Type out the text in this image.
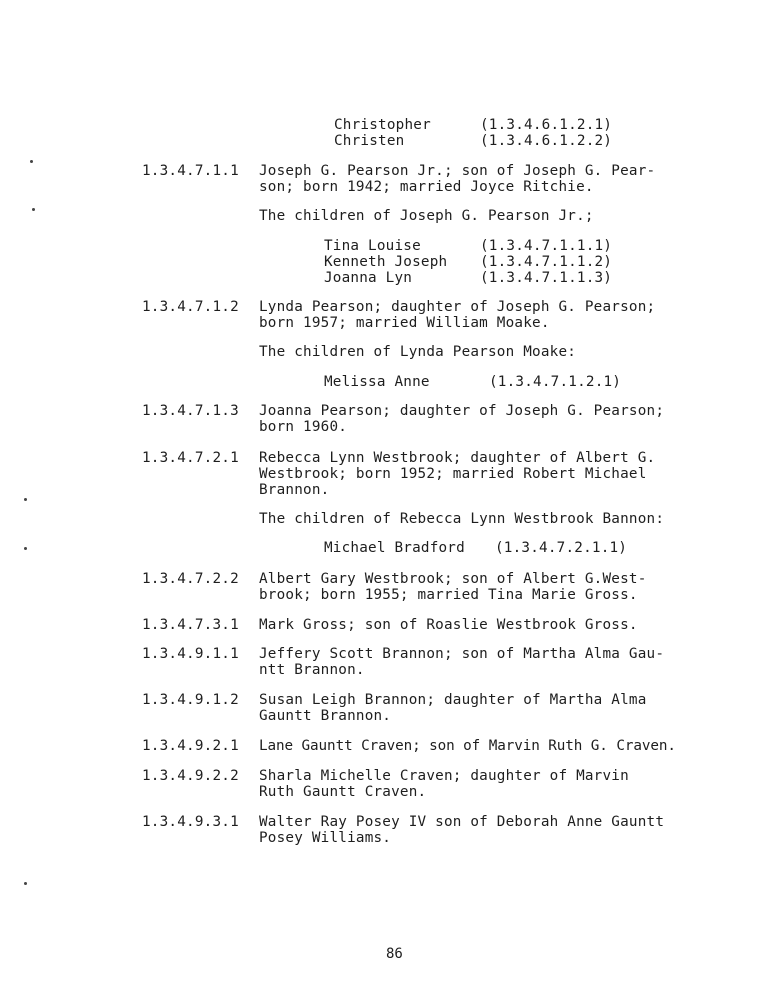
Christopher	(1.3.4.6.1.2.1)
Christen	(1.3.4.6.1.2.2)
1.3.4.7.1.1 Joseph G. Pearson Jr.; son of Joseph G. Pear-
son; born 1942; married Joyce Ritchie.
The children of Joseph G. Pearson Jr.;
Tina Louise	(1.3.4.7.1.1.1)
Kenneth Joseph (1.3.4.7.1.1.2)
Joanna Lyn	(1.3.4.7.1.1.3)
1.3.4.7.1.2 Lynda Pearson; daughter of Joseph G. Pearson;
born 1957; married William Moake.
The children of Lynda Pearson Moake:
Melissa Anne	(1.3.4.7.1.2.1)
1.3.4.7.1.3 Joanna Pearson; daughter of Joseph G. Pearson;
born 1960.
1.3.4.7.2.1 Rebecca Lynn Westbrook; daughter of Albert G.
Westbrook; born 1952; married Robert Michael
Brannon.
The children of Rebecca Lynn Westbrook Bannon:
Michael Bradford (1.3.4.7.2.1.1)
1.3.4.7.2.2 Albert Gary Westbrook; son of Albert G.West-
brook; born 1955; married Tina Marie Gross.
1.3.4.7.3.1 Mark Gross; son of Roaslie Westbrook Gross.
1.3.4.9.1.1 Jeffery Scott Brannon; son of Martha Alma Gau-
ntt Brannon.
1.3.4.9.1.2 Susan Leigh Brannon; daughter of Martha Alma
Gauntt Brannon.
1.3.4.9.2.1 Lane Gauntt Craven; son of Marvin Ruth G. Craven.
1.3.4.9.2.2 Sharla Michelle Craven; daughter of Marvin
Ruth Gauntt Craven.
1.3.4.9.3.1 Walter Ray Posey IV son of Deborah Anne Gauntt
Posey Williams.
86
